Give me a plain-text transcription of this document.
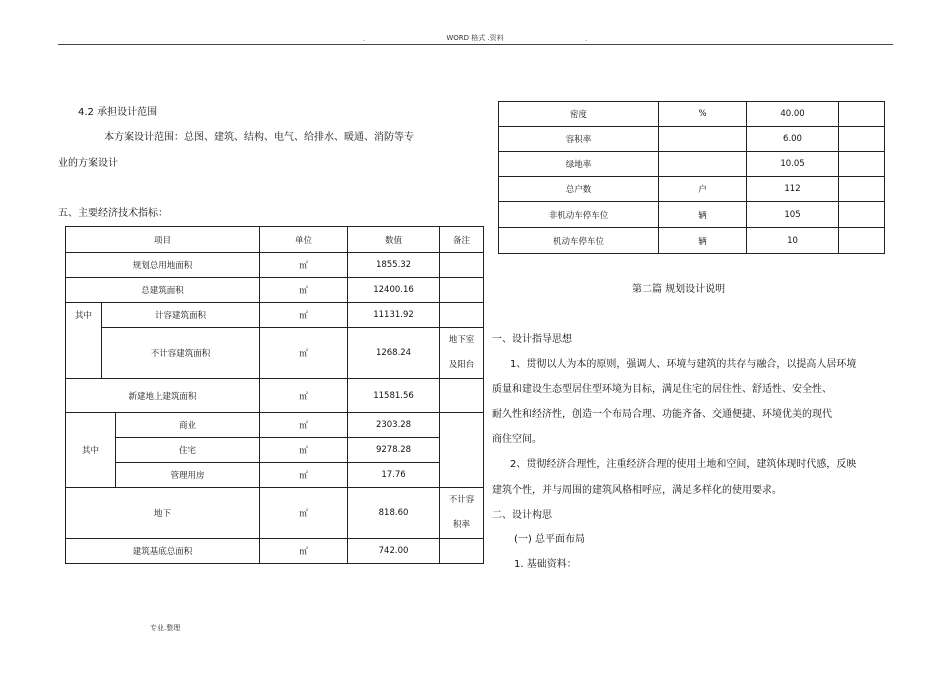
.	WORD 格式 .资料	.
4.2 承担设计范围
本方案设计范围：总图、建筑、结构、电气、给排水、暖通、消防等专
业的方案设计
五、主要经济技术指标：
项目			单位	数值	备注
规划总用地面积			㎡	1855.32	
总建筑面积			㎡	12400.16	
其中	计容建筑面积		㎡	11131.92	
	不计容建筑面积		㎡	1268.24	地下室
及阳台

新建地上建筑面积			㎡	11581.56	
其中		商业	㎡	2303.28	
		住宅	㎡	9278.28	
		管理用房	㎡	17.76	
地下			㎡	818.60	不计容
积率

建筑基底总面积			㎡	742.00	
密度	%	40.00	
容积率		6.00	
绿地率		10.05	
总户数	户	112	
非机动车停车位	辆	105	
机动车停车位	辆	10	
第二篇 规划设计说明
一、设计指导思想
1、贯彻以人为本的原则，强调人、环境与建筑的共存与融合，以提高人居环境
质量和建设生态型居住型环境为目标，满足住宅的居住性、舒适性、安全性、
耐久性和经济性，创造一个布局合理、功能齐备、交通便捷、环境优美的现代
商住空间。
2、贯彻经济合理性，注重经济合理的使用土地和空间，建筑体现时代感，反映
建筑个性，并与周围的建筑风格相呼应，满足多样化的使用要求。
二、设计构思
(一) 总平面布局
1. 基础资料：
专业.整理
